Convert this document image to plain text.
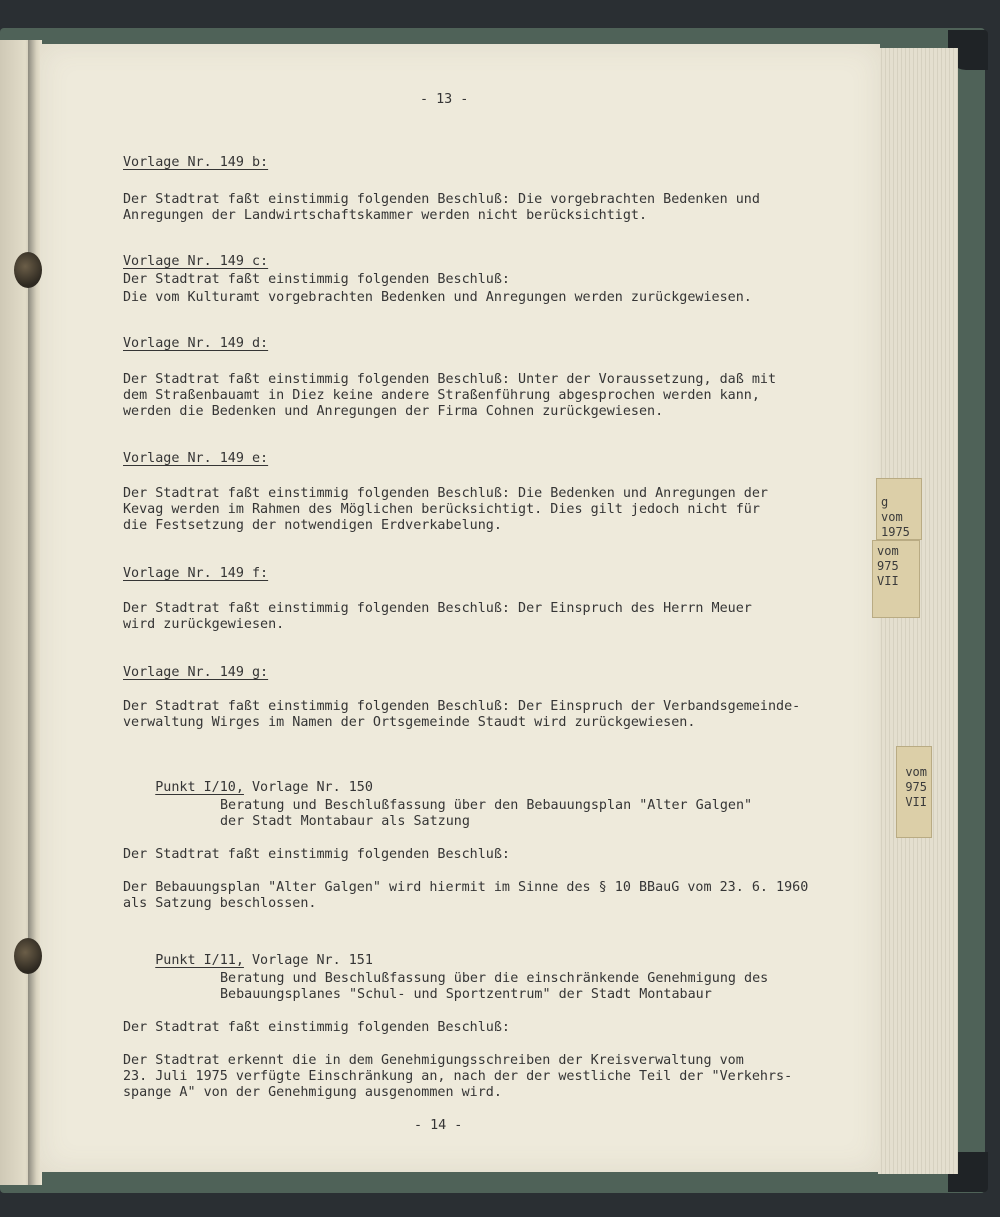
g vom
1975
vom
975
VII
vom
975
VII
- 13 -
Vorlage Nr. 149 b:
Der Stadtrat faßt einstimmig folgenden Beschluß: Die vorgebrachten Bedenken und
Anregungen der Landwirtschaftskammer werden nicht berücksichtigt.
Vorlage Nr. 149 c:
Der Stadtrat faßt einstimmig folgenden Beschluß:
Die vom Kulturamt vorgebrachten Bedenken und Anregungen werden zurückgewiesen.
Vorlage Nr. 149 d:
Der Stadtrat faßt einstimmig folgenden Beschluß: Unter der Voraussetzung, daß mit
dem Straßenbauamt in Diez keine andere Straßenführung abgesprochen werden kann,
werden die Bedenken und Anregungen der Firma Cohnen zurückgewiesen.
Vorlage Nr. 149 e:
Der Stadtrat faßt einstimmig folgenden Beschluß: Die Bedenken und Anregungen der
Kevag werden im Rahmen des Möglichen berücksichtigt. Dies gilt jedoch nicht für
die Festsetzung der notwendigen Erdverkabelung.
Vorlage Nr. 149 f:
Der Stadtrat faßt einstimmig folgenden Beschluß: Der Einspruch des Herrn Meuer
wird zurückgewiesen.
Vorlage Nr. 149 g:
Der Stadtrat faßt einstimmig folgenden Beschluß: Der Einspruch der Verbandsgemeinde-
verwaltung Wirges im Namen der Ortsgemeinde Staudt wird zurückgewiesen.

Punkt I/10, Vorlage Nr. 150

Beratung und Beschlußfassung über den Bebauungsplan "Alter Galgen"
der Stadt Montabaur als Satzung
Der Stadtrat faßt einstimmig folgenden Beschluß:
Der Bebauungsplan "Alter Galgen" wird hiermit im Sinne des § 10 BBauG vom 23. 6. 1960
als Satzung beschlossen.

Punkt I/11, Vorlage Nr. 151

Beratung und Beschlußfassung über die einschränkende Genehmigung des
Bebauungsplanes "Schul- und Sportzentrum" der Stadt Montabaur
Der Stadtrat faßt einstimmig folgenden Beschluß:
Der Stadtrat erkennt die in dem Genehmigungsschreiben der Kreisverwaltung vom
23. Juli 1975 verfügte Einschränkung an, nach der der westliche Teil der "Verkehrs-
spange A" von der Genehmigung ausgenommen wird.
- 14 -
